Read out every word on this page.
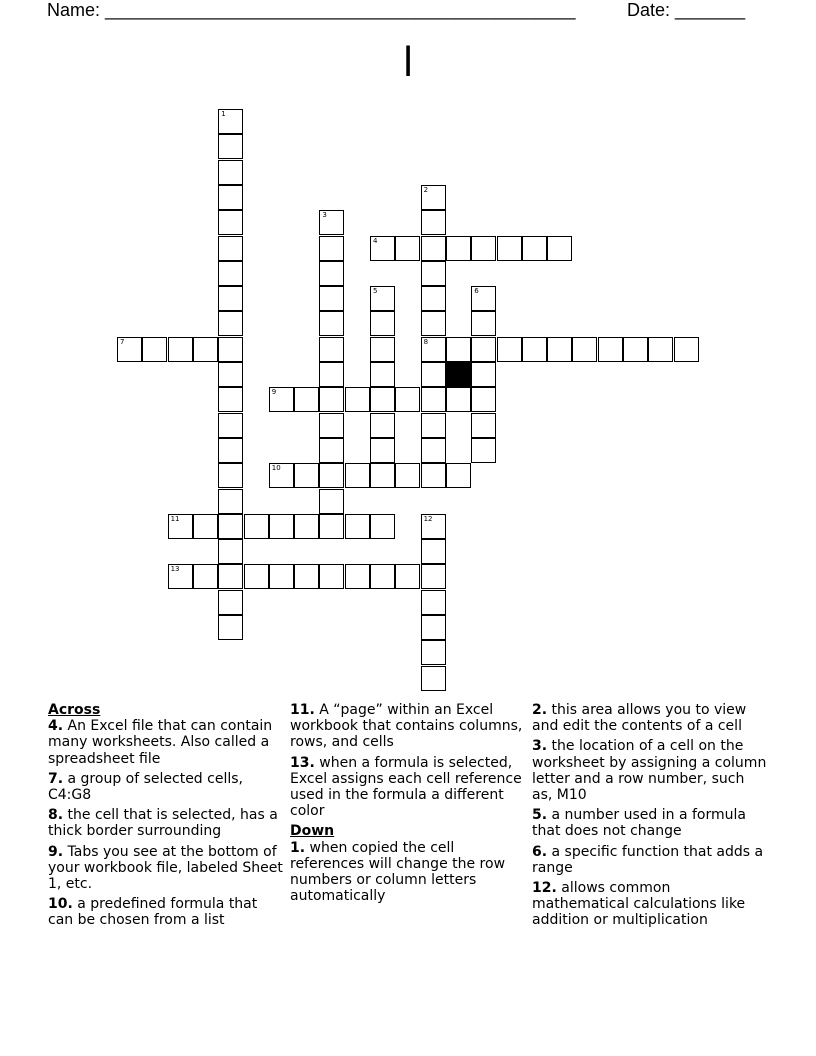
Name: _______________________________________________	Date: _______
l
1
2
8
3
4
5	6
7
9
10
11	12
13
Across
4. An Excel file that can contain many worksheets. Also called a spreadsheet file
7. a group of selected cells, C4:G8
8. the cell that is selected, has a thick border surrounding
9. Tabs you see at the bottom of your workbook file, labeled Sheet 1, etc.
10. a predefined formula that can be chosen from a list
11. A “page” within an Excel workbook that contains columns, rows, and cells
13. when a formula is selected, Excel assigns each cell reference used in the formula a different color
Down
1. when copied the cell references will change the row numbers or column letters automatically
2. this area allows you to view and edit the contents of a cell
3. the location of a cell on the worksheet by assigning a column letter and a row number, such as, M10
5. a number used in a formula that does not change
6. a specific function that adds a range
12. allows common mathematical calculations like addition or multiplication
